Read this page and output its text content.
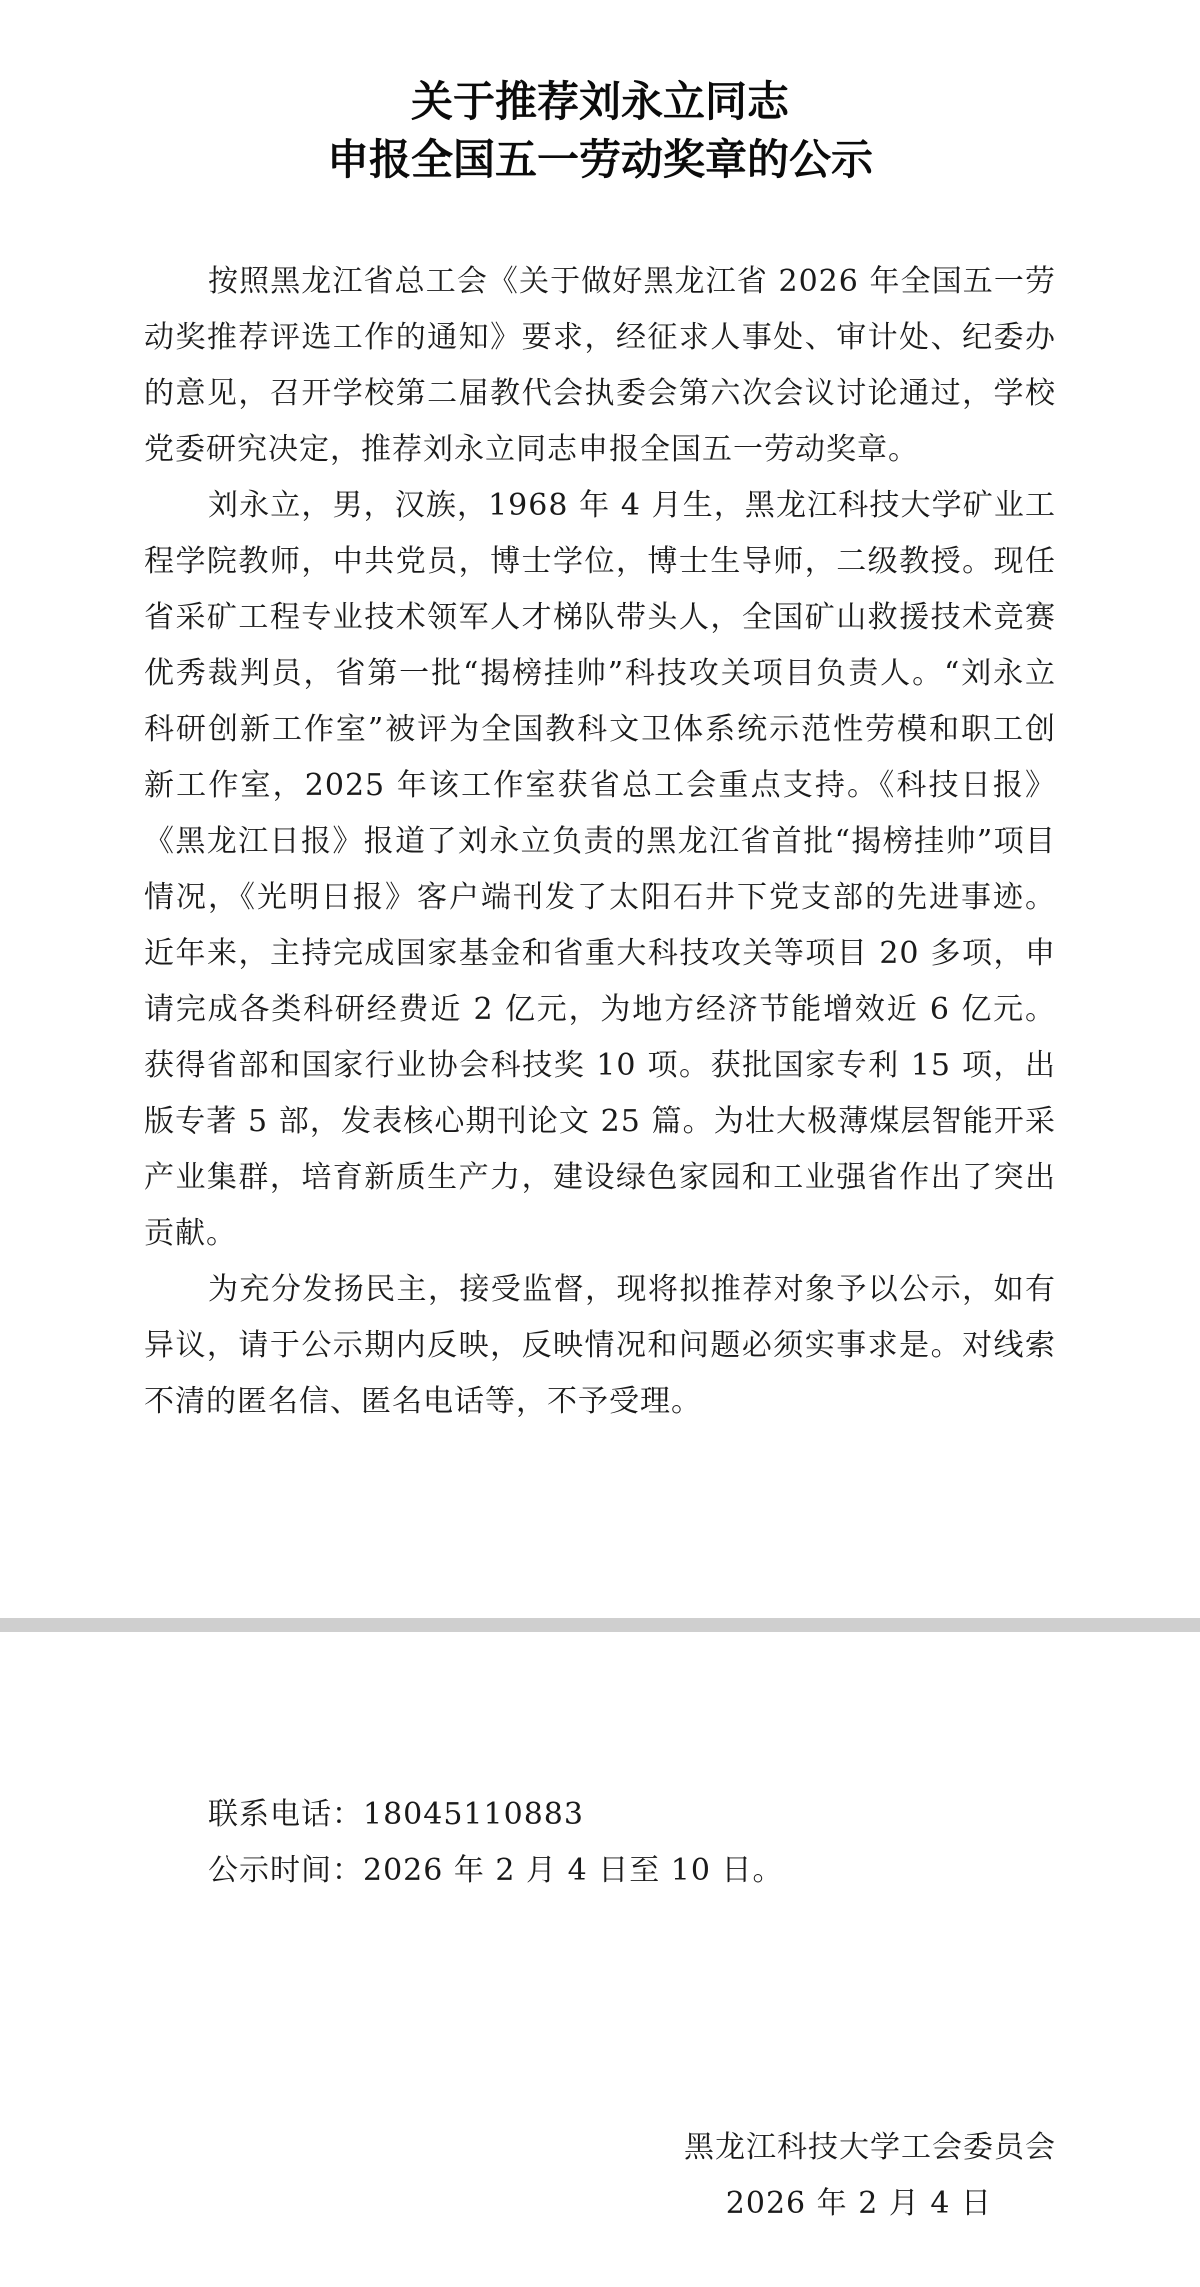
关于推荐刘永立同志
申报全国五一劳动奖章的公示

按照黑龙江省总工会《关于做好黑龙江省 2026 年全国五一劳动奖推荐评选工作的通知》要求，经征求人事处、审计处、纪委办的意见，召开学校第二届教代会执委会第六次会议讨论通过，学校党委研究决定，推荐刘永立同志申报全国五一劳动奖章。

刘永立，男，汉族，1968 年 4 月生，黑龙江科技大学矿业工程学院教师，中共党员，博士学位，博士生导师，二级教授。现任省采矿工程专业技术领军人才梯队带头人，全国矿山救援技术竞赛优秀裁判员，省第一批“揭榜挂帅”科技攻关项目负责人。“刘永立科研创新工作室”被评为全国教科文卫体系统示范性劳模和职工创新工作室，2025 年该工作室获省总工会重点支持。《科技日报》《黑龙江日报》报道了刘永立负责的黑龙江省首批“揭榜挂帅”项目情况，《光明日报》客户端刊发了太阳石井下党支部的先进事迹。近年来，主持完成国家基金和省重大科技攻关等项目 20 多项，申请完成各类科研经费近 2 亿元，为地方经济节能增效近 6 亿元。获得省部和国家行业协会科技奖 10 项。获批国家专利 15 项，出版专著 5 部，发表核心期刊论文 25 篇。为壮大极薄煤层智能开采产业集群，培育新质生产力，建设绿色家园和工业强省作出了突出贡献。

为充分发扬民主，接受监督，现将拟推荐对象予以公示，如有异议，请于公示期内反映，反映情况和问题必须实事求是。对线索不清的匿名信、匿名电话等，不予受理。

联系电话：18045110883
公示时间：2026 年 2 月 4 日至 10 日。
黑龙江科技大学工会委员会
2026 年 2 月 4 日
